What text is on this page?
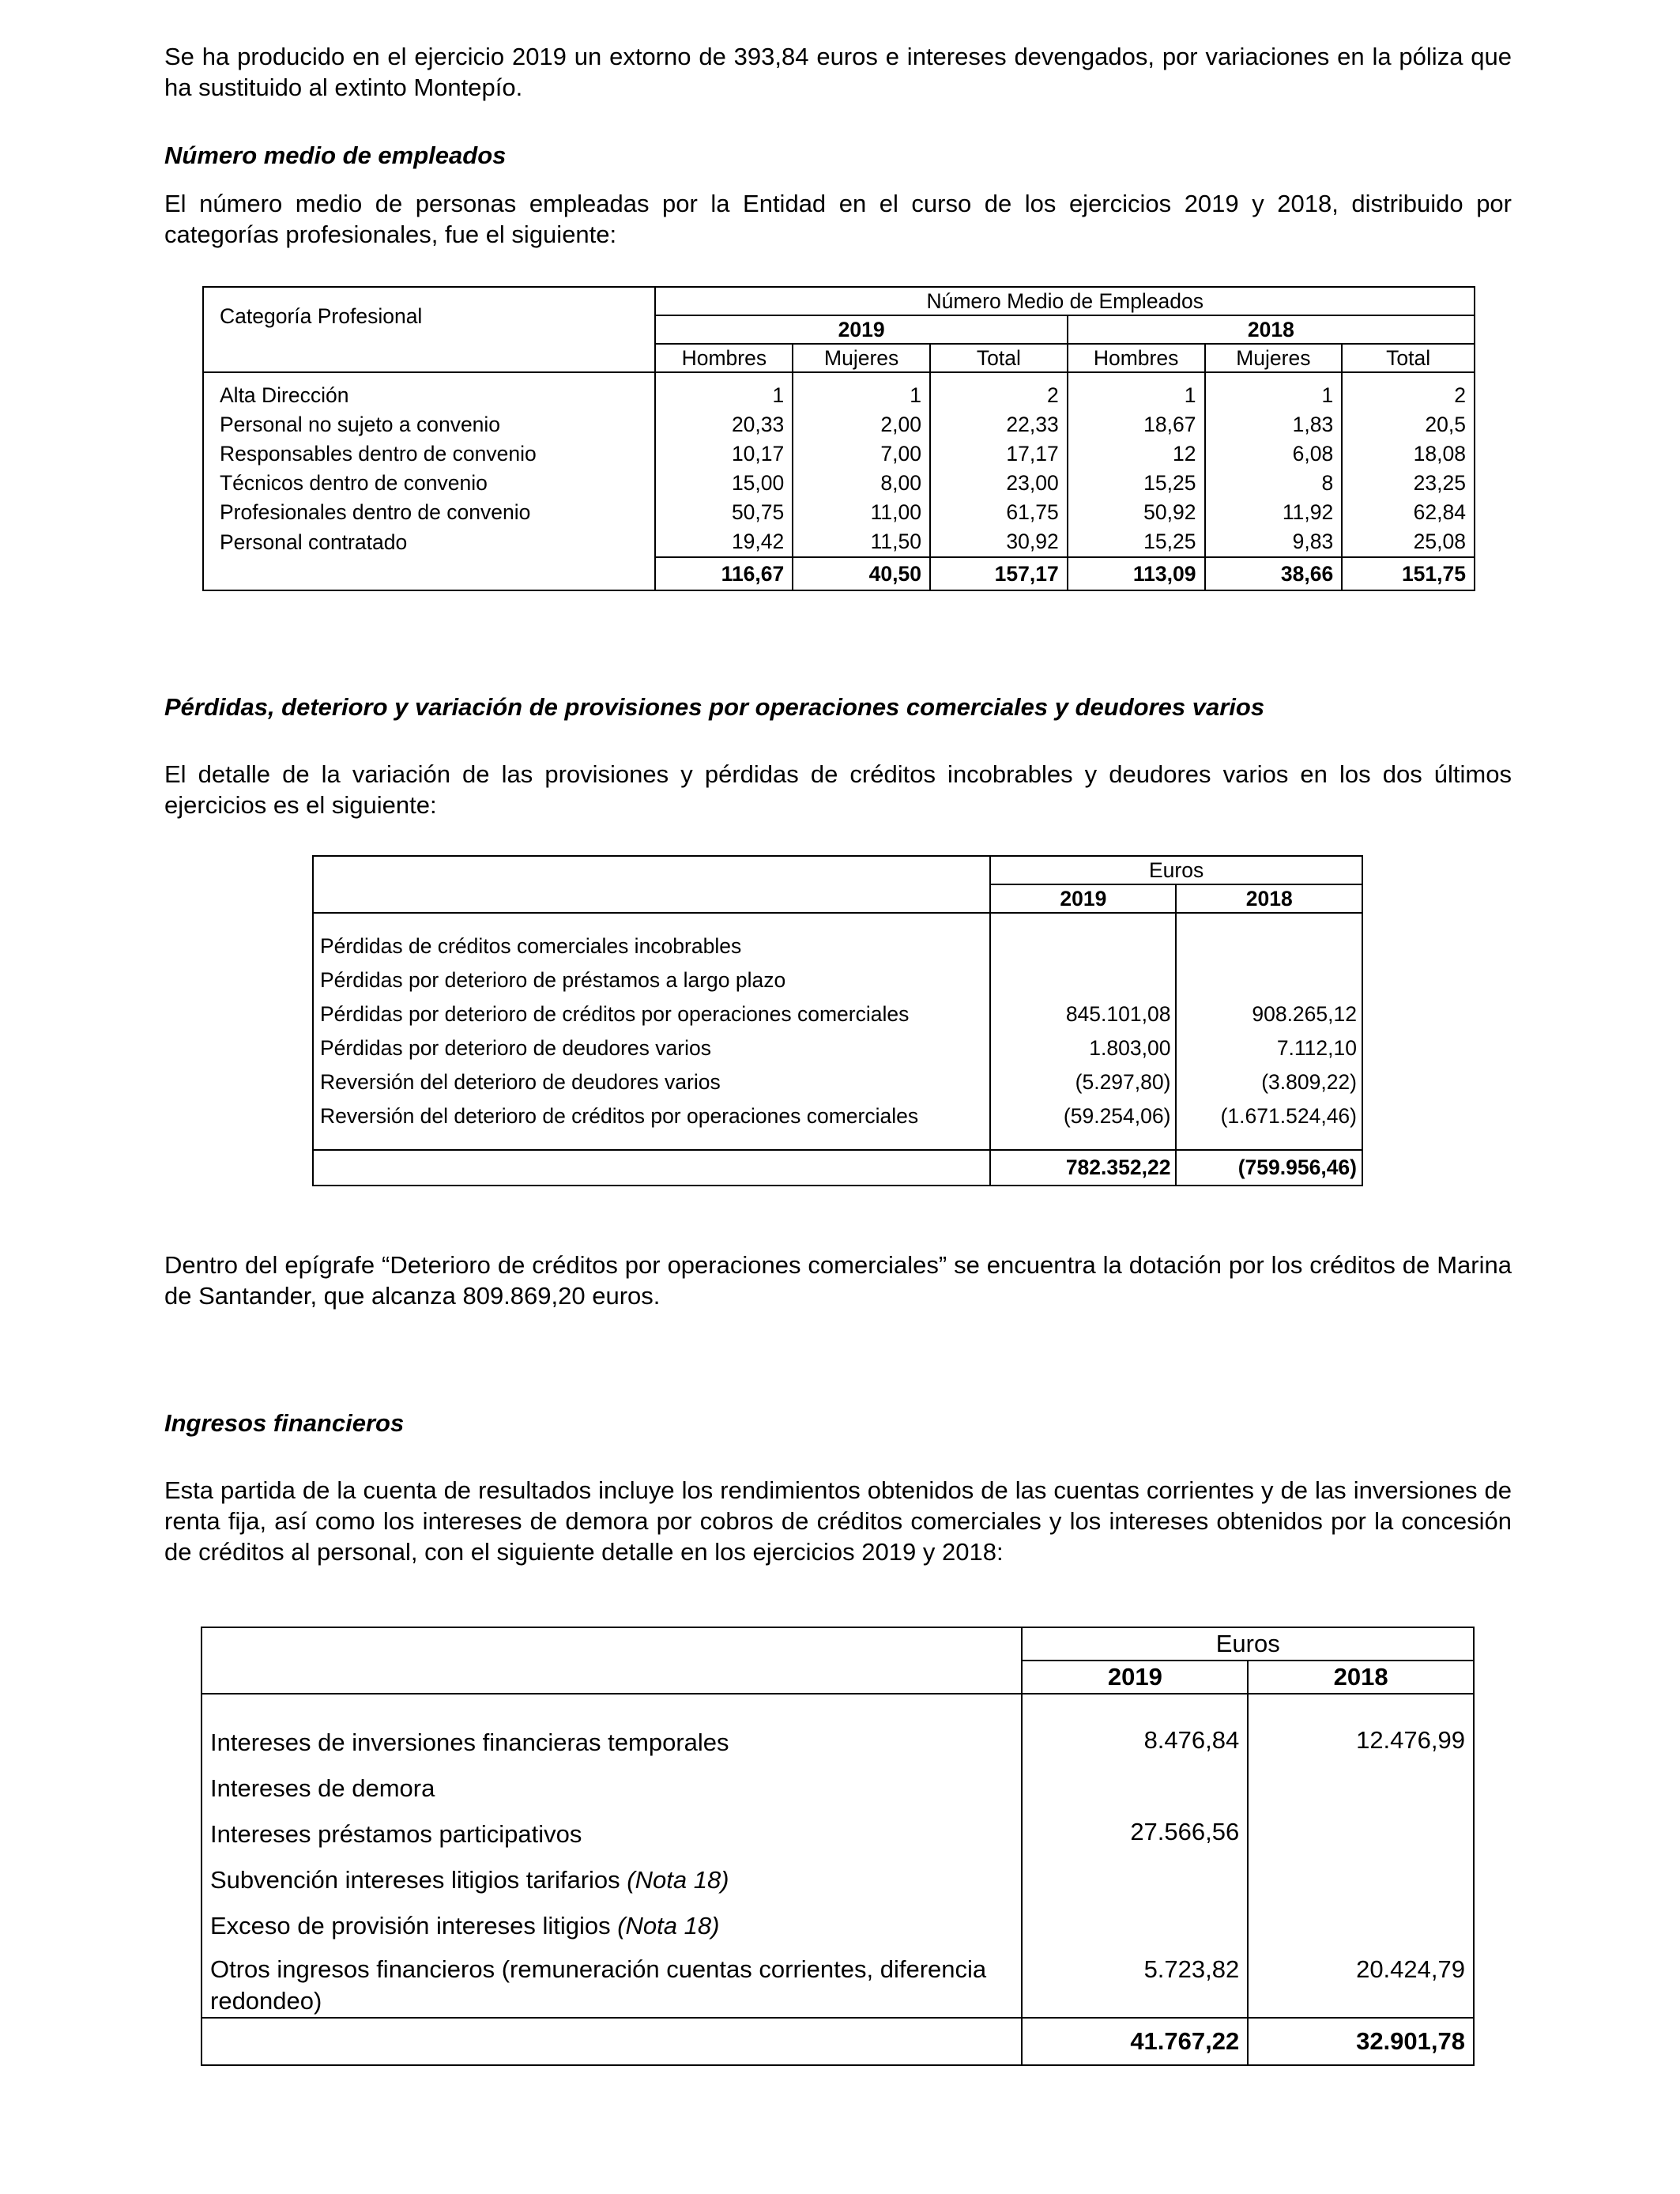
Se ha producido en el ejercicio 2019 un extorno de 393,84 euros e intereses devengados, por variaciones en la póliza que ha sustituido al extinto Montepío.

Número medio de empleados

El número medio de personas empleadas por la Entidad en el curso de los ejercicios 2019 y 2018, distribuido por categorías profesionales, fue el siguiente:

Categoría Profesional	Número Medio de Empleados					
	2019			2018		
	Hombres	Mujeres	Total	Hombres	Mujeres	Total

Alta Dirección	1	1	2	1	1	2
Personal no sujeto a convenio	20,33	2,00	22,33	18,67	1,83	20,5
Responsables dentro de convenio	10,17	7,00	17,17	12	6,08	18,08
Técnicos dentro de convenio	15,00	8,00	23,00	15,25	8	23,25
Profesionales dentro de convenio	50,75	11,00	61,75	50,92	11,92	62,84
Personal contratado	19,42	11,50	30,92	15,25	9,83	25,08
	116,67	40,50	157,17	113,09	38,66	151,75

Pérdidas, deterioro y variación de provisiones por operaciones comerciales y deudores varios

El detalle de la variación de las provisiones y pérdidas de créditos incobrables y deudores varios en los dos últimos ejercicios es el siguiente:

	Euros	
	2019	2018

Pérdidas de créditos comerciales incobrables		
Pérdidas por deterioro de préstamos a largo plazo		
Pérdidas por deterioro de créditos por operaciones comerciales	845.101,08	908.265,12
Pérdidas por deterioro de deudores varios	1.803,00	7.112,10
Reversión del deterioro de deudores varios	(5.297,80)	(3.809,22)
Reversión del deterioro de créditos por operaciones comerciales	(59.254,06)	(1.671.524,46)

	782.352,22	(759.956,46)

Dentro del epígrafe “Deterioro de créditos por operaciones comerciales” se encuentra la dotación por los créditos de Marina de Santander, que alcanza 809.869,20 euros.

Ingresos financieros

Esta partida de la cuenta de resultados incluye los rendimientos obtenidos de las cuentas corrientes y de las inversiones de renta fija, así como los intereses de demora por cobros de créditos comerciales y los intereses obtenidos por la concesión de créditos al personal, con el siguiente detalle en los ejercicios 2019 y 2018:

	Euros	
	2019	2018

Intereses de inversiones financieras temporales	8.476,84	12.476,99
Intereses de demora		
Intereses préstamos participativos	27.566,56	
Subvención intereses litigios tarifarios (Nota 18)		
Exceso de provisión intereses litigios (Nota 18)		
Otros ingresos financieros (remuneración cuentas corrientes, diferencia redondeo)	5.723,82	20.424,79
	41.767,22	32.901,78
